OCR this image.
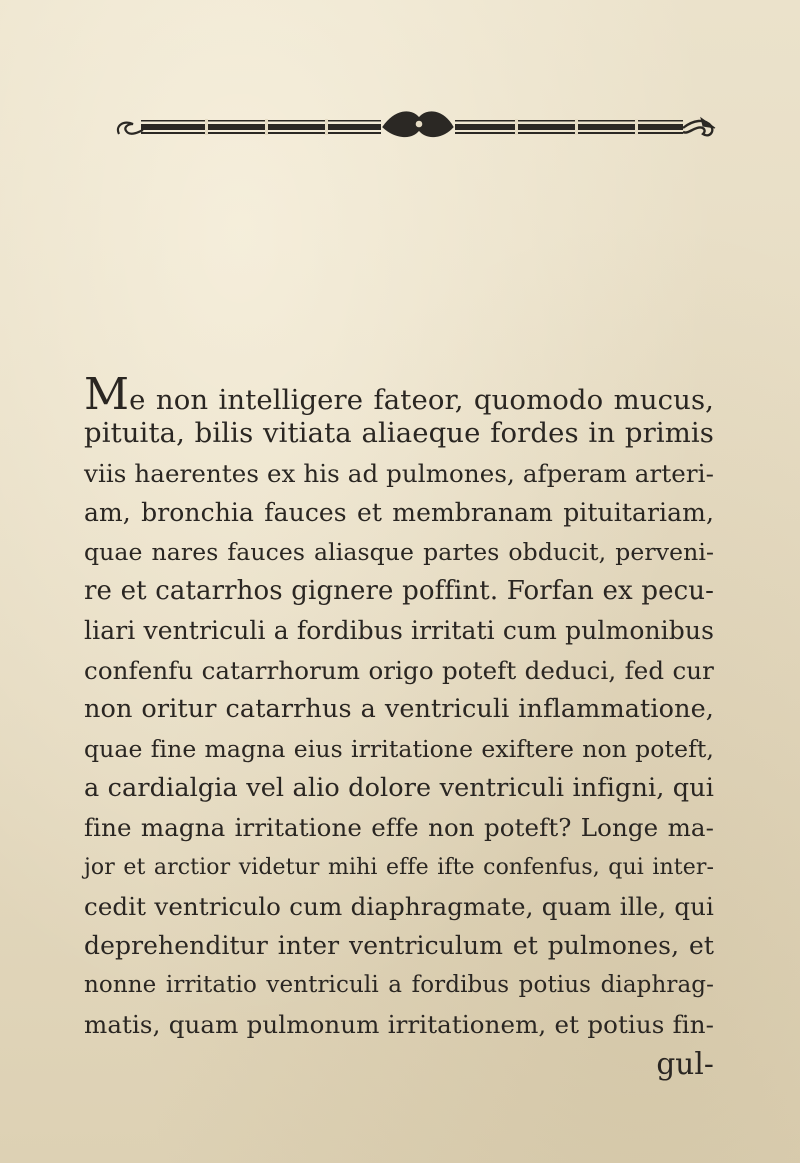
Me non intelligere fateor, quomodo mucus,
pituita, bilis vitiata aliaeque fordes in primis
viis haerentes ex his ad pulmones, afperam arteri-
am, bronchia fauces et membranam pituitariam,
quae nares fauces aliasque partes obducit, perveni-
re et catarrhos gignere poffint. Forfan ex pecu-
liari ventriculi a fordibus irritati cum pulmonibus
confenfu catarrhorum origo poteft deduci, fed cur
non oritur catarrhus a ventriculi inflammatione,
quae fine magna eius irritatione exiftere non poteft,
a cardialgia vel alio dolore ventriculi infigni, qui
fine magna irritatione effe non poteft? Longe ma-
jor et arctior videtur mihi effe ifte confenfus, qui inter-
cedit ventriculo cum diaphragmate, quam ille, qui
deprehenditur inter ventriculum et pulmones, et
nonne irritatio ventriculi a fordibus potius diaphrag-
matis, quam pulmonum irritationem, et potius fin-
gul-
